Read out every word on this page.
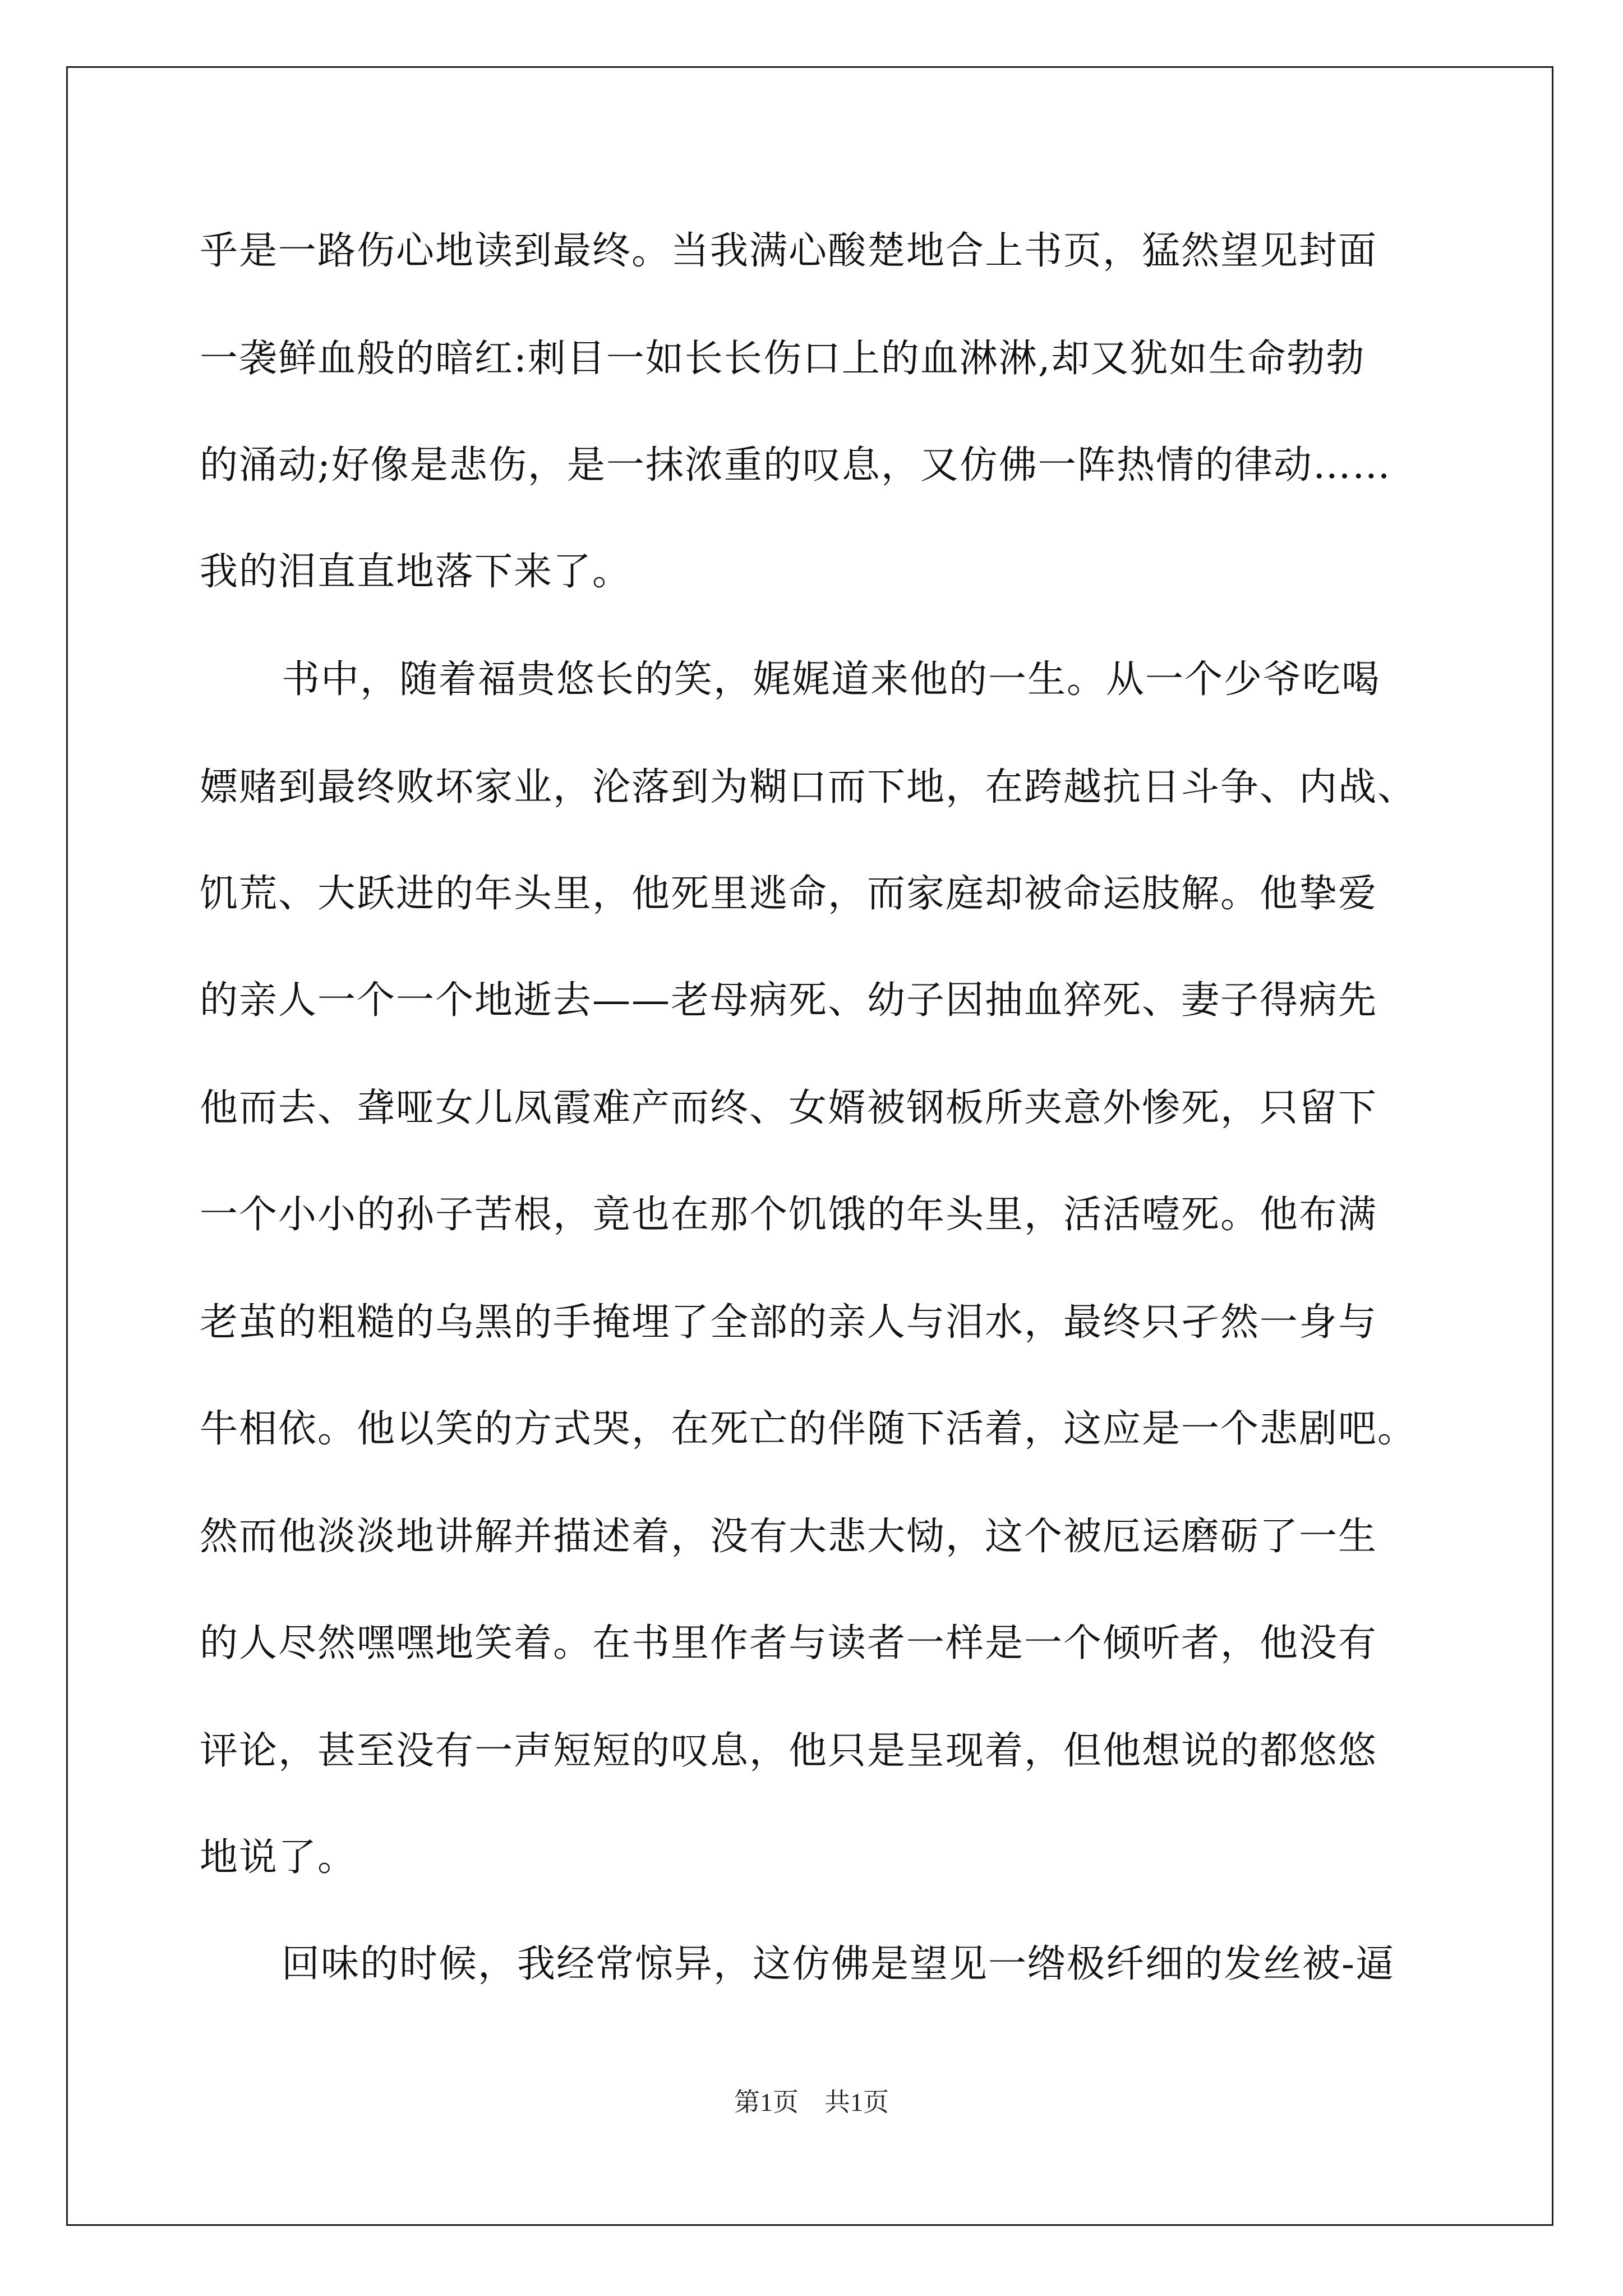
乎是一路伤心地读到最终。当我满心酸楚地合上书页，猛然望见封面
一袭鲜血般的暗红:刺目一如长长伤口上的血淋淋,却又犹如生命勃勃
的涌动;好像是悲伤，是一抹浓重的叹息，又仿佛一阵热情的律动……
我的泪直直地落下来了。
书中，随着福贵悠长的笑，娓娓道来他的一生。从一个少爷吃喝
嫖赌到最终败坏家业，沦落到为糊口而下地，在跨越抗日斗争、内战、
饥荒、大跃进的年头里，他死里逃命，而家庭却被命运肢解。他挚爱
的亲人一个一个地逝去——老母病死、幼子因抽血猝死、妻子得病先
他而去、聋哑女儿凤霞难产而终、女婿被钢板所夹意外惨死，只留下
一个小小的孙子苦根，竟也在那个饥饿的年头里，活活噎死。他布满
老茧的粗糙的乌黑的手掩埋了全部的亲人与泪水，最终只孑然一身与
牛相依。他以笑的方式哭，在死亡的伴随下活着，这应是一个悲剧吧。
然而他淡淡地讲解并描述着，没有大悲大恸，这个被厄运磨砺了一生
的人尽然嘿嘿地笑着。在书里作者与读者一样是一个倾听者，他没有
评论，甚至没有一声短短的叹息，他只是呈现着，但他想说的都悠悠
地说了。
回味的时候，我经常惊异，这仿佛是望见一绺极纤细的发丝被-逼
第1页　共1页
